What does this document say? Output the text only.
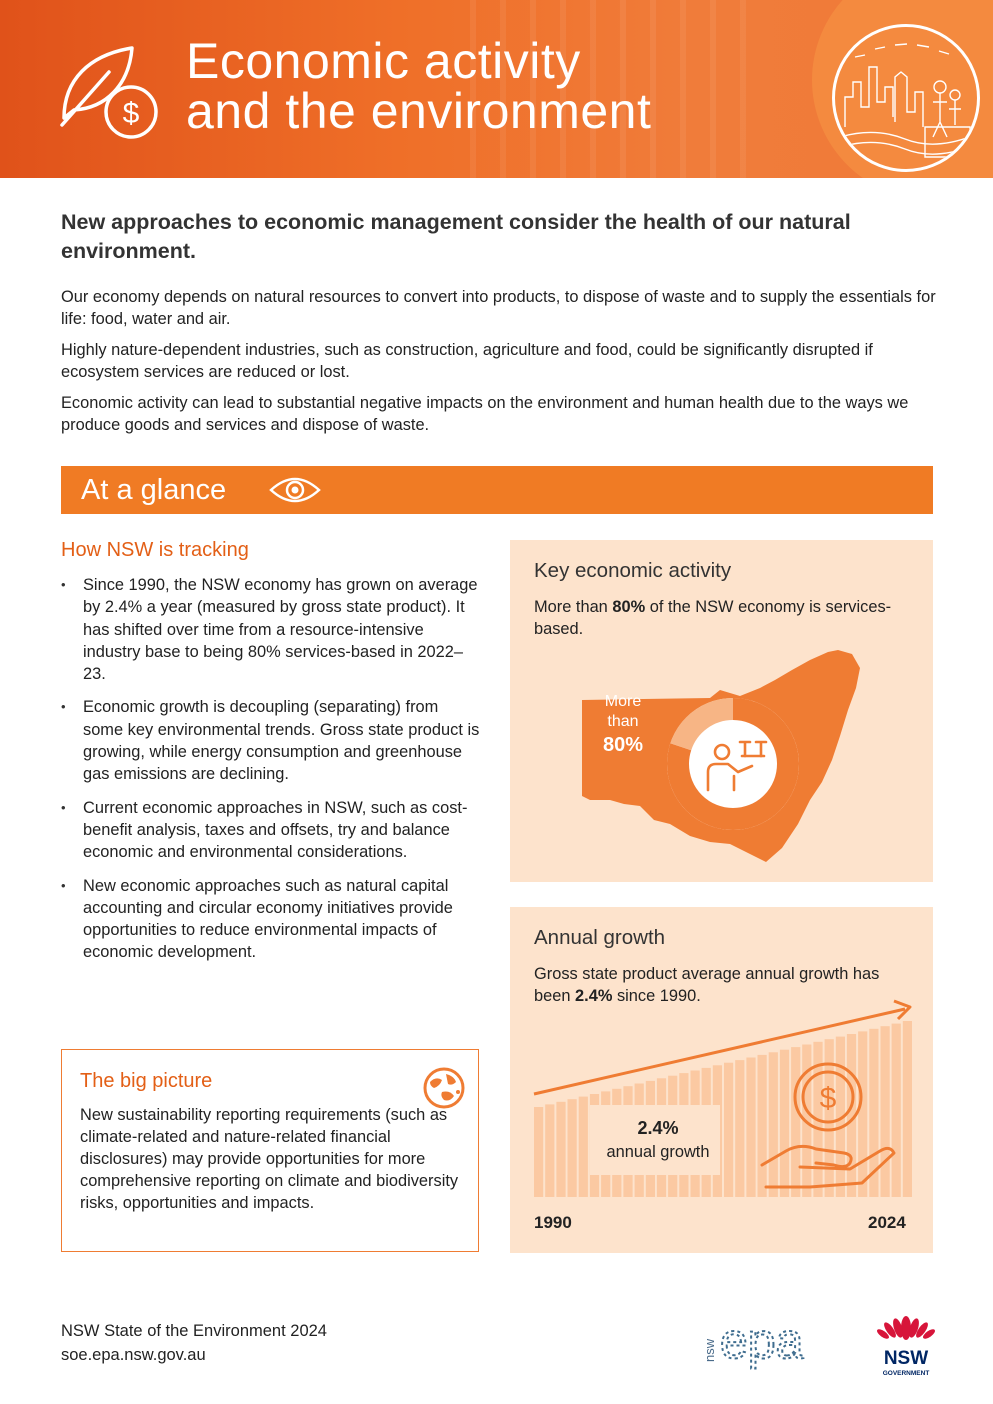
$
Economic activity
and the environment
New approaches to economic management consider the health of our natural environment.
Our economy depends on natural resources to convert into products, to dispose of waste and to supply the essentials for life: food, water and air.
Highly nature-dependent industries, such as construction, agriculture and food, could be significantly disrupted if ecosystem services are reduced or lost.
Economic activity can lead to substantial negative impacts on the environment and human health due to the ways we produce goods and services and dispose of waste.
At a glance
How NSW is tracking
• Since 1990, the NSW economy has grown on average by 2.4% a year (measured by gross state product). It has shifted over time from a resource-intensive industry base to being 80% services-based in 2022–23.
• Economic growth is decoupling (separating) from some key environmental trends. Gross state product is growing, while energy consumption and greenhouse gas emissions are declining.
• Current economic approaches in NSW, such as cost-benefit analysis, taxes and offsets, try and balance economic and environmental considerations.
• New economic approaches such as natural capital accounting and circular economy initiatives provide opportunities to reduce environmental impacts of economic development.
The big picture
New sustainability reporting requirements (such as climate-related and nature-related financial disclosures) may provide opportunities for more comprehensive reporting on climate and biodiversity risks, opportunities and impacts.
Key economic activity
More than 80% of the NSW economy is services-based.
More than
80%
Annual growth
Gross state product average annual growth has been 2.4% since 1990.
$
2.4%
annual growth
1990	2024
NSW State of the Environment 2024
soe.epa.nsw.gov.au	nsw epa	NSW
GOVERNMENT
